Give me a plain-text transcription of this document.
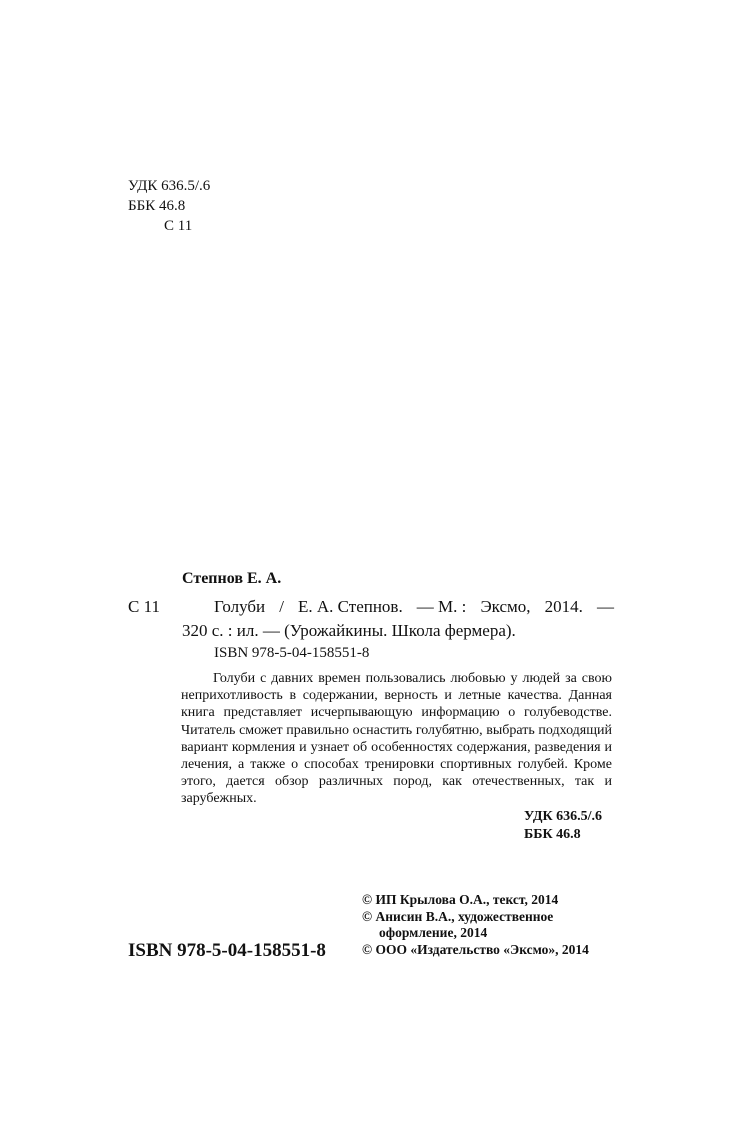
УДК 636.5/.6
ББК 46.8
С 11
Степнов Е. А.
С 11	Голуби / Е. А. Степнов. — М. : Эксмо, 2014. —
320 с. : ил. — (Урожайкины. Школа фермера).
ISBN 978-5-04-158551-8
Голуби с давних времен пользовались любовью у людей за свою неприхотливость в содержании, верность и летные качества. Данная книга представляет исчерпывающую информацию о голубеводстве. Читатель сможет правильно оснастить голубятню, выбрать подходящий вариант кормления и узнает об особенностях содержания, разведения и лечения, а также о способах тренировки спортивных голубей. Кроме этого, дается обзор различных пород, как отечественных, так и зарубежных.
УДК 636.5/.6
ББК 46.8
ISBN 978-5-04-158551-8
© ИП Крылова О.А., текст, 2014
© Анисин В.А., художественное
оформление, 2014
© ООО «Издательство «Эксмо», 2014
